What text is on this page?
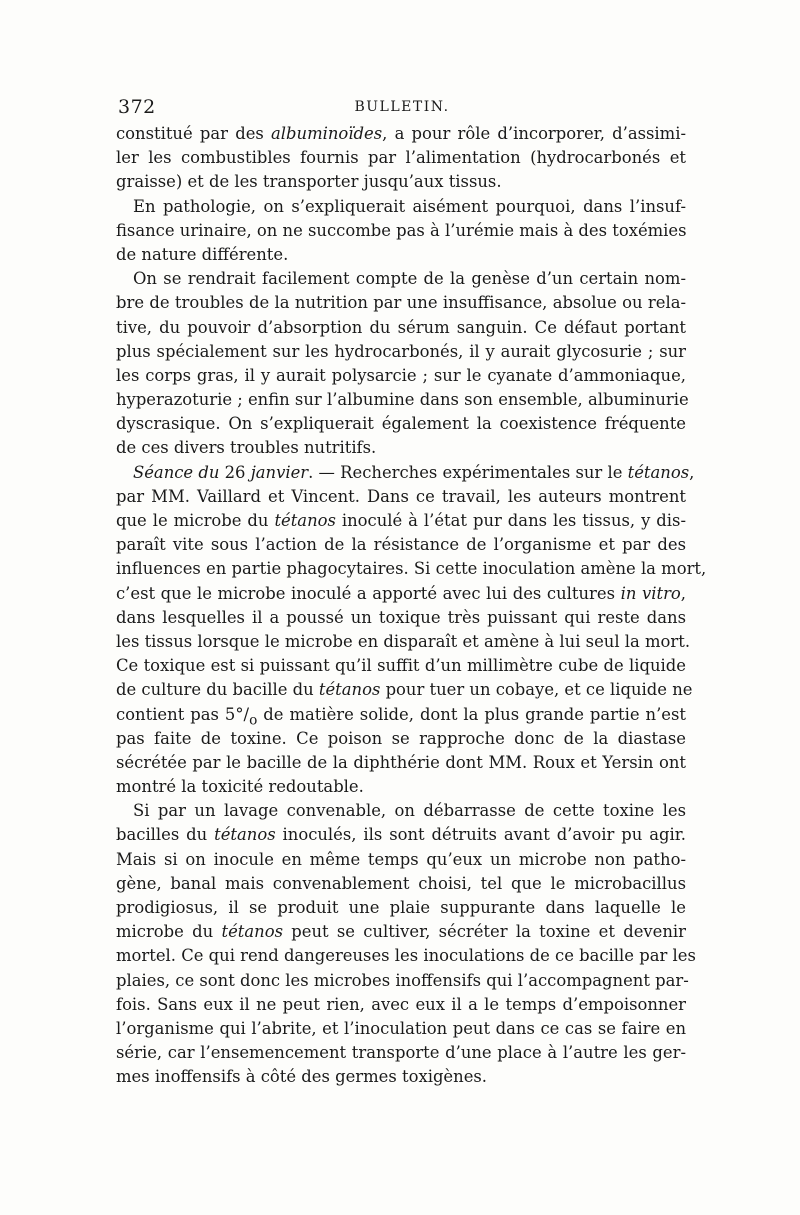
372	BULLETIN.
constitué par des albuminoïdes, a pour rôle d’incorporer, d’assimi-
ler les combustibles fournis par l’alimentation (hydrocarbonés et
graisse) et de les transporter jusqu’aux tissus.
En pathologie, on s’expliquerait aisément pourquoi, dans l’insuf-
fisance urinaire, on ne succombe pas à l’urémie mais à des toxémies
de nature différente.
On se rendrait facilement compte de la genèse d’un certain nom-
bre de troubles de la nutrition par une insuffisance, absolue ou rela-
tive, du pouvoir d’absorption du sérum sanguin. Ce défaut portant
plus spécialement sur les hydrocarbonés, il y aurait glycosurie ; sur
les corps gras, il y aurait polysarcie ; sur le cyanate d’ammoniaque,
hyperazoturie ; enfin sur l’albumine dans son ensemble, albuminurie
dyscrasique. On s’expliquerait également la coexistence fréquente
de ces divers troubles nutritifs.
Séance du 26 janvier. — Recherches expérimentales sur le tétanos,
par MM. Vaillard et Vincent. Dans ce travail, les auteurs montrent
que le microbe du tétanos inoculé à l’état pur dans les tissus, y dis-
paraît vite sous l’action de la résistance de l’organisme et par des
influences en partie phagocytaires. Si cette inoculation amène la mort,
c’est que le microbe inoculé a apporté avec lui des cultures in vitro,
dans lesquelles il a poussé un toxique très puissant qui reste dans
les tissus lorsque le microbe en disparaît et amène à lui seul la mort.
Ce toxique est si puissant qu’il suffit d’un millimètre cube de liquide
de culture du bacille du tétanos pour tuer un cobaye, et ce liquide ne
contient pas $5^\circ/_o$ de matière solide, dont la plus grande partie n’est
pas faite de toxine. Ce poison se rapproche donc de la diastase
sécrétée par le bacille de la diphthérie dont MM. Roux et Yersin ont
montré la toxicité redoutable.
Si par un lavage convenable, on débarrasse de cette toxine les
bacilles du tétanos inoculés, ils sont détruits avant d’avoir pu agir.
Mais si on inocule en même temps qu’eux un microbe non patho-
gène, banal mais convenablement choisi, tel que le microbacillus
prodigiosus, il se produit une plaie suppurante dans laquelle le
microbe du tétanos peut se cultiver, sécréter la toxine et devenir
mortel. Ce qui rend dangereuses les inoculations de ce bacille par les
plaies, ce sont donc les microbes inoffensifs qui l’accompagnent par-
fois. Sans eux il ne peut rien, avec eux il a le temps d’empoisonner
l’organisme qui l’abrite, et l’inoculation peut dans ce cas se faire en
série, car l’ensemencement transporte d’une place à l’autre les ger-
mes inoffensifs à côté des germes toxigènes.
